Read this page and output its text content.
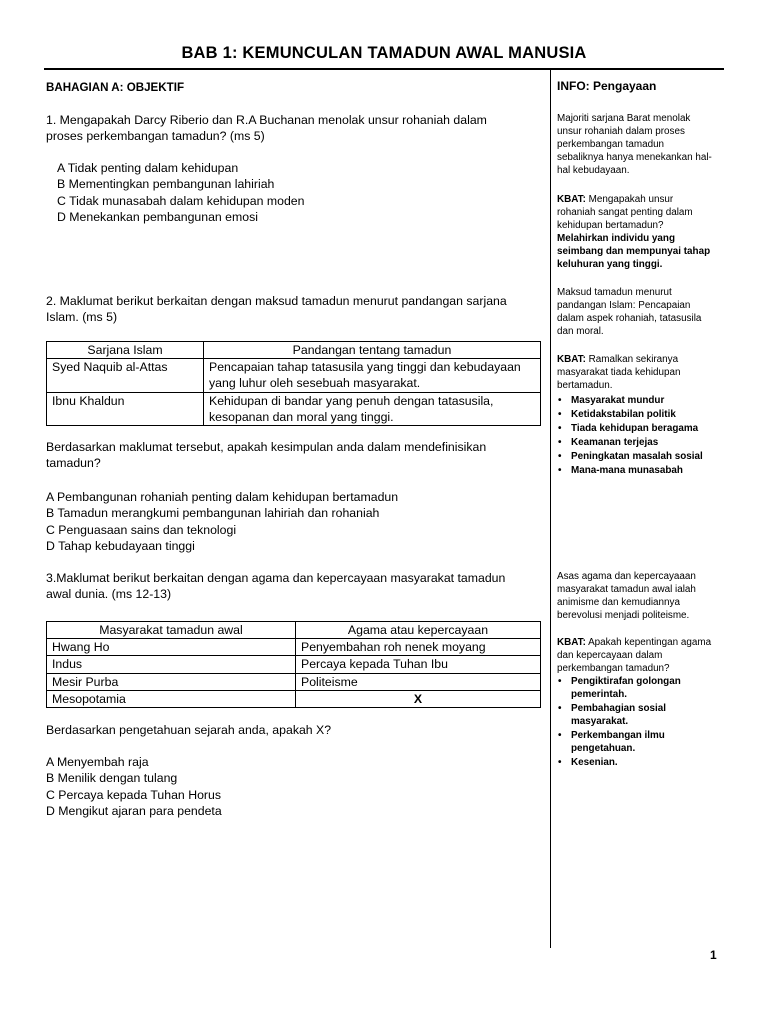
BAB 1: KEMUNCULAN TAMADUN AWAL MANUSIA
BAHAGIAN A: OBJEKTIF

1. Mengapakah Darcy Riberio dan R.A Buchanan menolak unsur rohaniah dalam proses perkembangan tamadun? (ms 5)

A Tidak penting dalam kehidupan
B Mementingkan pembangunan lahiriah
C Tidak munasabah dalam kehidupan moden
D Menekankan pembangunan emosi

2. Maklumat berikut berkaitan dengan maksud tamadun menurut pandangan sarjana Islam. (ms 5)

Sarjana Islam	Pandangan tentang tamadun
Syed Naquib al-Attas	Pencapaian tahap tatasusila yang tinggi dan kebudayaan yang luhur oleh sesebuah masyarakat.
Ibnu Khaldun	Kehidupan di bandar yang penuh dengan tatasusila, kesopanan dan moral yang tinggi.
Berdasarkan maklumat tersebut, apakah kesimpulan anda dalam mendefinisikan tamadun?
A Pembangunan rohaniah penting dalam kehidupan bertamadun
B Tamadun merangkumi pembangunan lahiriah dan rohaniah
C Penguasaan sains dan teknologi
D Tahap kebudayaan tinggi

3.Maklumat berikut berkaitan dengan agama dan kepercayaan masyarakat tamadun awal dunia. (ms 12-13)

Masyarakat tamadun awal	Agama atau kepercayaan
Hwang Ho	Penyembahan roh nenek moyang
Indus	Percaya kepada Tuhan Ibu
Mesir Purba	Politeisme
Mesopotamia	X
Berdasarkan pengetahuan sejarah anda, apakah X?
A Menyembah raja
B Menilik dengan tulang
C Percaya kepada Tuhan Horus
D Mengikut ajaran para pendeta
INFO: Pengayaan

Majoriti sarjana Barat menolak unsur rohaniah dalam proses perkembangan tamadun sebaliknya hanya menekankan hal-hal kebudayaan.

KBAT: Mengapakah unsur rohaniah sangat penting dalam kehidupan bertamadun?

Melahirkan individu yang seimbang dan mempunyai tahap keluhuran yang tinggi.

Maksud tamadun menurut pandangan Islam: Pencapaian dalam aspek rohaniah, tatasusila dan moral.

KBAT: Ramalkan sekiranya masyarakat tiada kehidupan bertamadun.

• Masyarakat mundur
• Ketidakstabilan politik
• Tiada kehidupan beragama
• Keamanan terjejas
• Peningkatan masalah sosial
• Mana-mana munasabah

Asas agama dan kepercayaaan masyarakat tamadun awal ialah animisme dan kemudiannya berevolusi menjadi politeisme.

KBAT: Apakah kepentingan agama dan kepercayaan dalam perkembangan tamadun?

• Pengiktirafan golongan pemerintah.
• Pembahagian sosial masyarakat.
• Perkembangan ilmu pengetahuan.
• Kesenian.
1
